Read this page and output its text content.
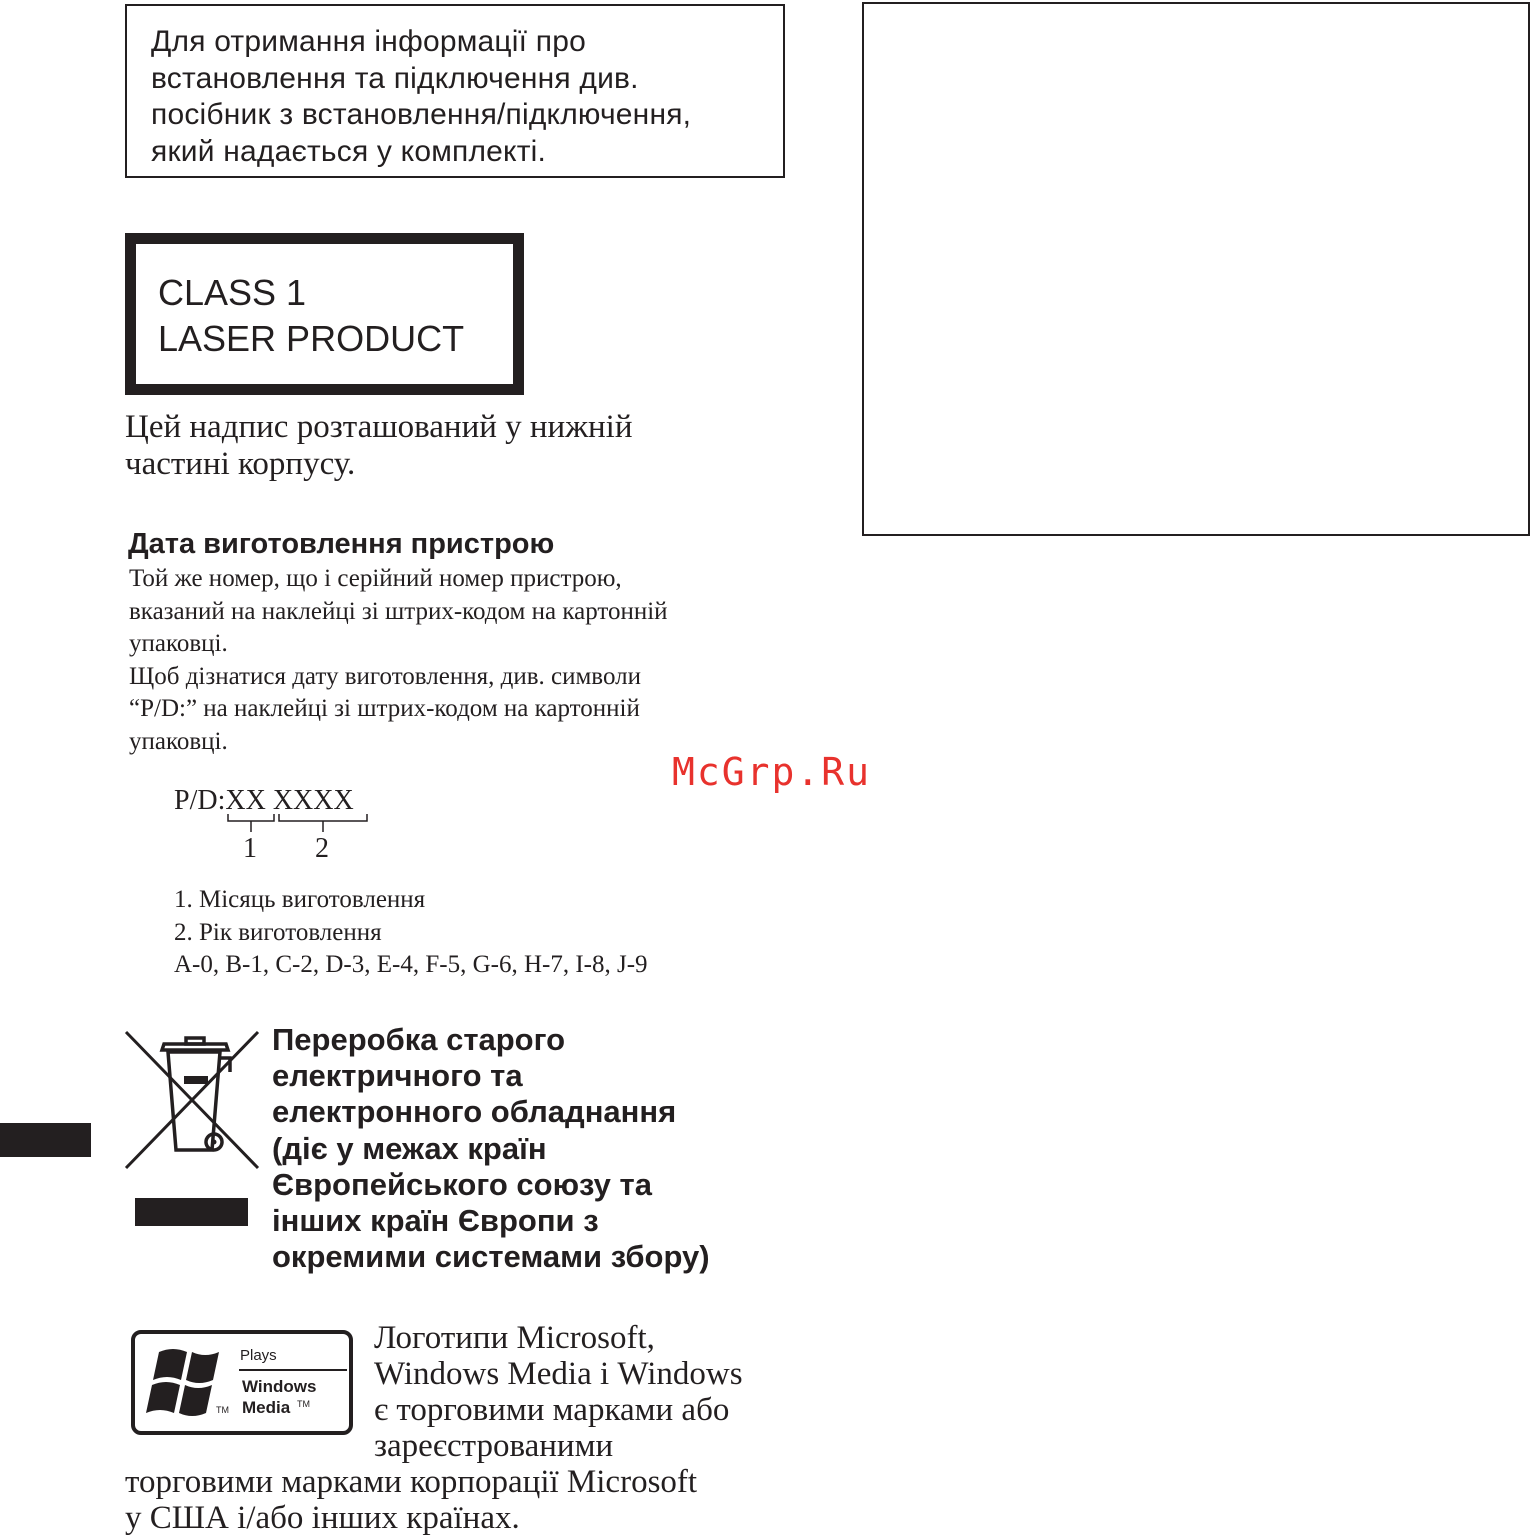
Для отримання інформації про
встановлення та підключення див.
посібник з встановлення/підключення,
який надається у комплекті.
CLASS 1
LASER PRODUCT
Цей надпис розташований у нижній
частині корпусу.
Дата виготовлення пристрою
Той же номер, що і серійний номер пристрою,
вказаний на наклейці зі штрих-кодом на картонній
упаковці.
Щоб дізнатися дату виготовлення, див. символи
“P/D:” на наклейці зі штрих-кодом на картонній
упаковці.
P/D:XX XXXX
1 2
1. Місяць виготовлення
2. Рік виготовлення
A-0, B-1, C-2, D-3, E-4, F-5, G-6, H-7, I-8, J-9
McGrp.Ru
Переробка старого
електричного та
електронного обладнання
(діє у межах країн
Європейського союзу та
інших країн Європи з
окремими системами збору)
Plays
Windows
Media
TM
TM
Логотипи Microsoft,
Windows Media і Windows
є торговими марками або
зареєстрованими
торговими марками корпорації Microsoft
у США і/або інших країнах.
